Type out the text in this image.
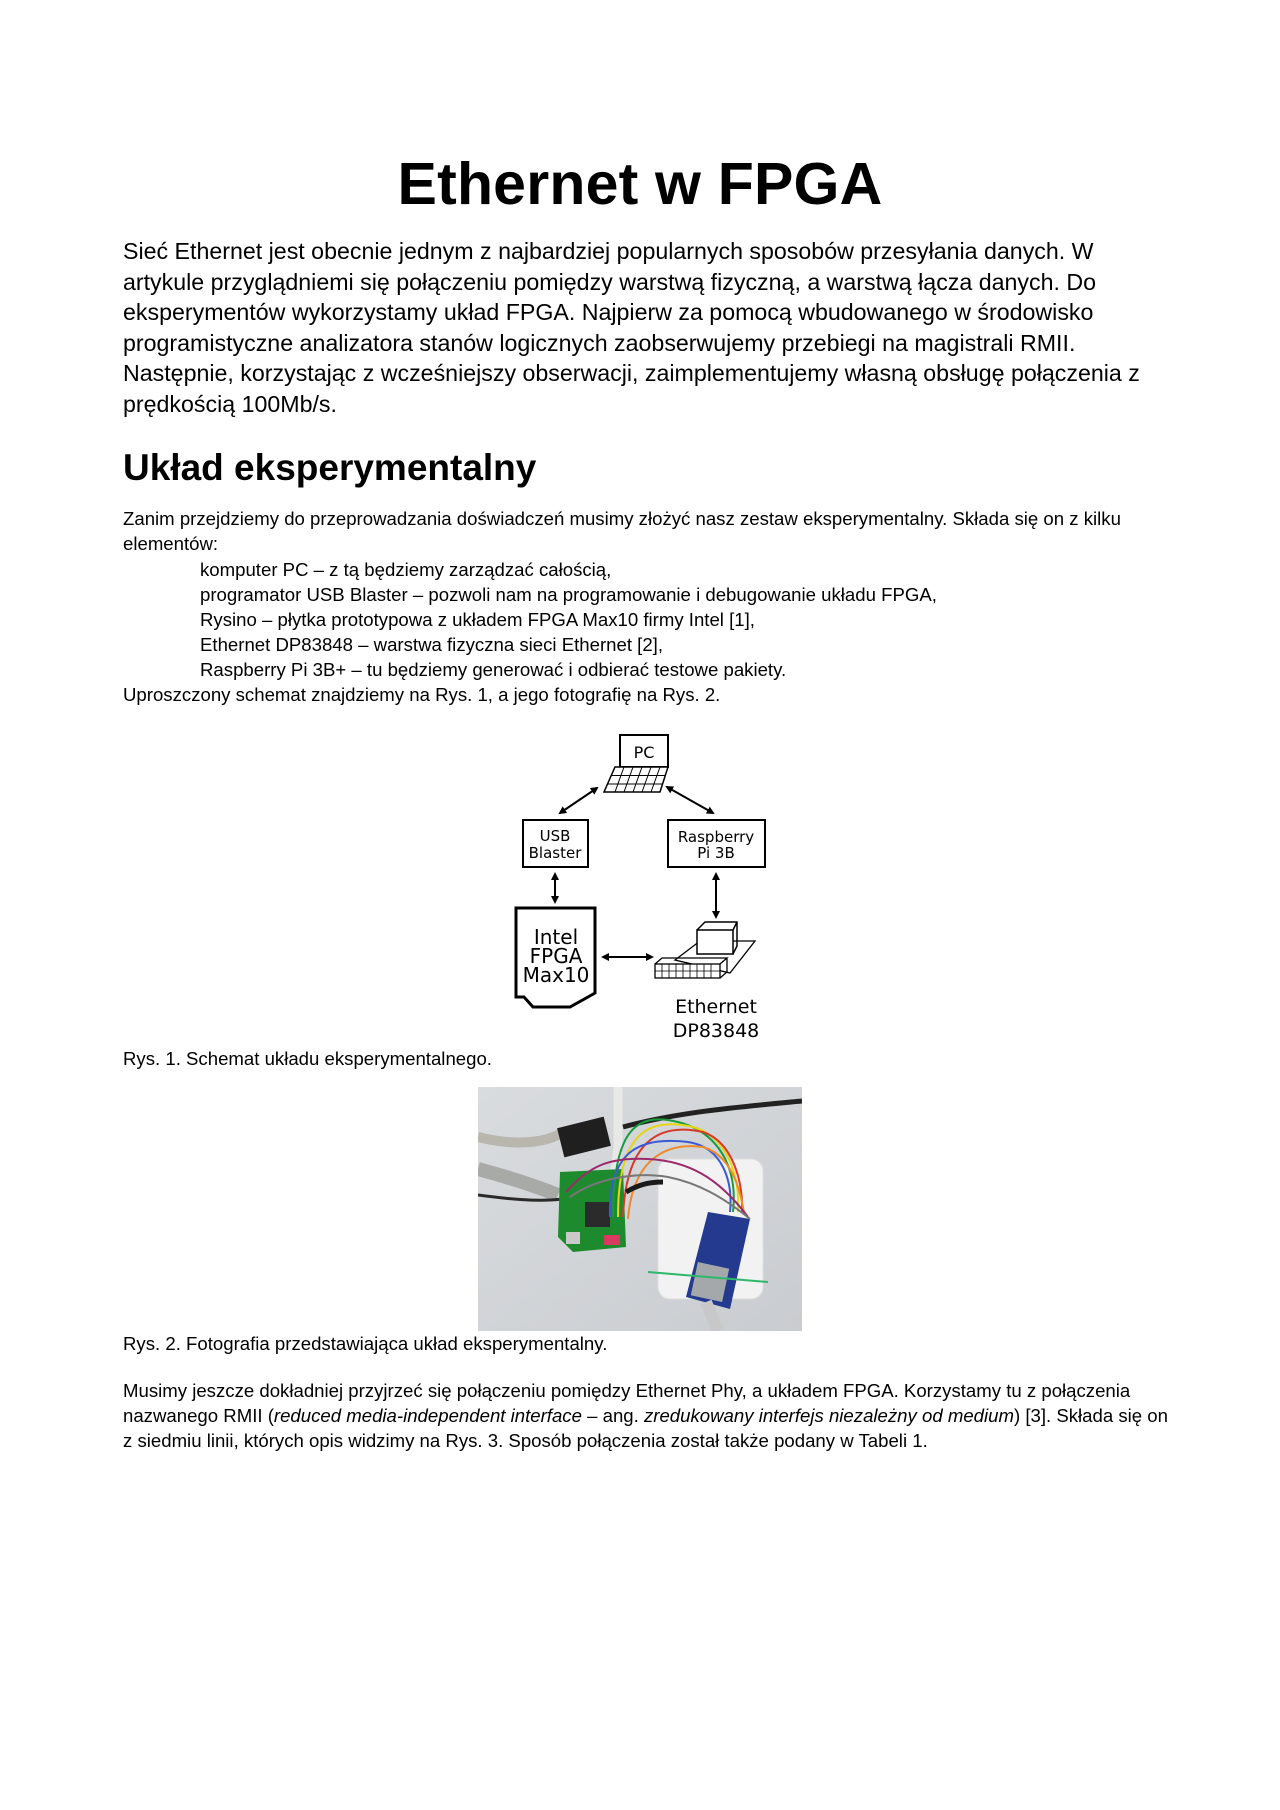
Ethernet w FPGA

Sieć Ethernet jest obecnie jednym z najbardziej popularnych sposobów przesyłania danych. W artykule przyglądniemi się połączeniu pomiędzy warstwą fizyczną, a warstwą łącza danych. Do eksperymentów wykorzystamy układ FPGA. Najpierw za pomocą wbudowanego w środowisko programistyczne analizatora stanów logicznych zaobserwujemy przebiegi na magistrali RMII. Następnie, korzystając z wcześniejszy obserwacji, zaimplementujemy własną obsługę połączenia z prędkością 100Mb/s.

Układ eksperymentalny

Zanim przejdziemy do przeprowadzania doświadczeń musimy złożyć nasz zestaw eksperymentalny. Składa się on z kilku elementów:

komputer PC – z tą będziemy zarządzać całością,
programator USB Blaster – pozwoli nam na programowanie i debugowanie układu FPGA,
Rysino – płytka prototypowa z układem FPGA Max10 firmy Intel [1],
Ethernet DP83848 – warstwa fizyczna sieci Ethernet [2],
Raspberry Pi 3B+ – tu będziemy generować i odbierać testowe pakiety.

Uproszczony schemat znajdziemy na Rys. 1, a jego fotografię na Rys. 2.

PC
USB
Blaster
Raspberry
Pi 3B
Intel
FPGA
Max10
Ethernet
DP83848

Rys. 1. Schemat układu eksperymentalnego.

Rys. 2. Fotografia przedstawiająca układ eksperymentalny.

Musimy jeszcze dokładniej przyjrzeć się połączeniu pomiędzy Ethernet Phy, a układem FPGA. Korzystamy tu z połączenia nazwanego RMII (reduced media-independent interface – ang. zredukowany interfejs niezależny od medium) [3]. Składa się on z siedmiu linii, których opis widzimy na Rys. 3. Sposób połączenia został także podany w Tabeli 1.
